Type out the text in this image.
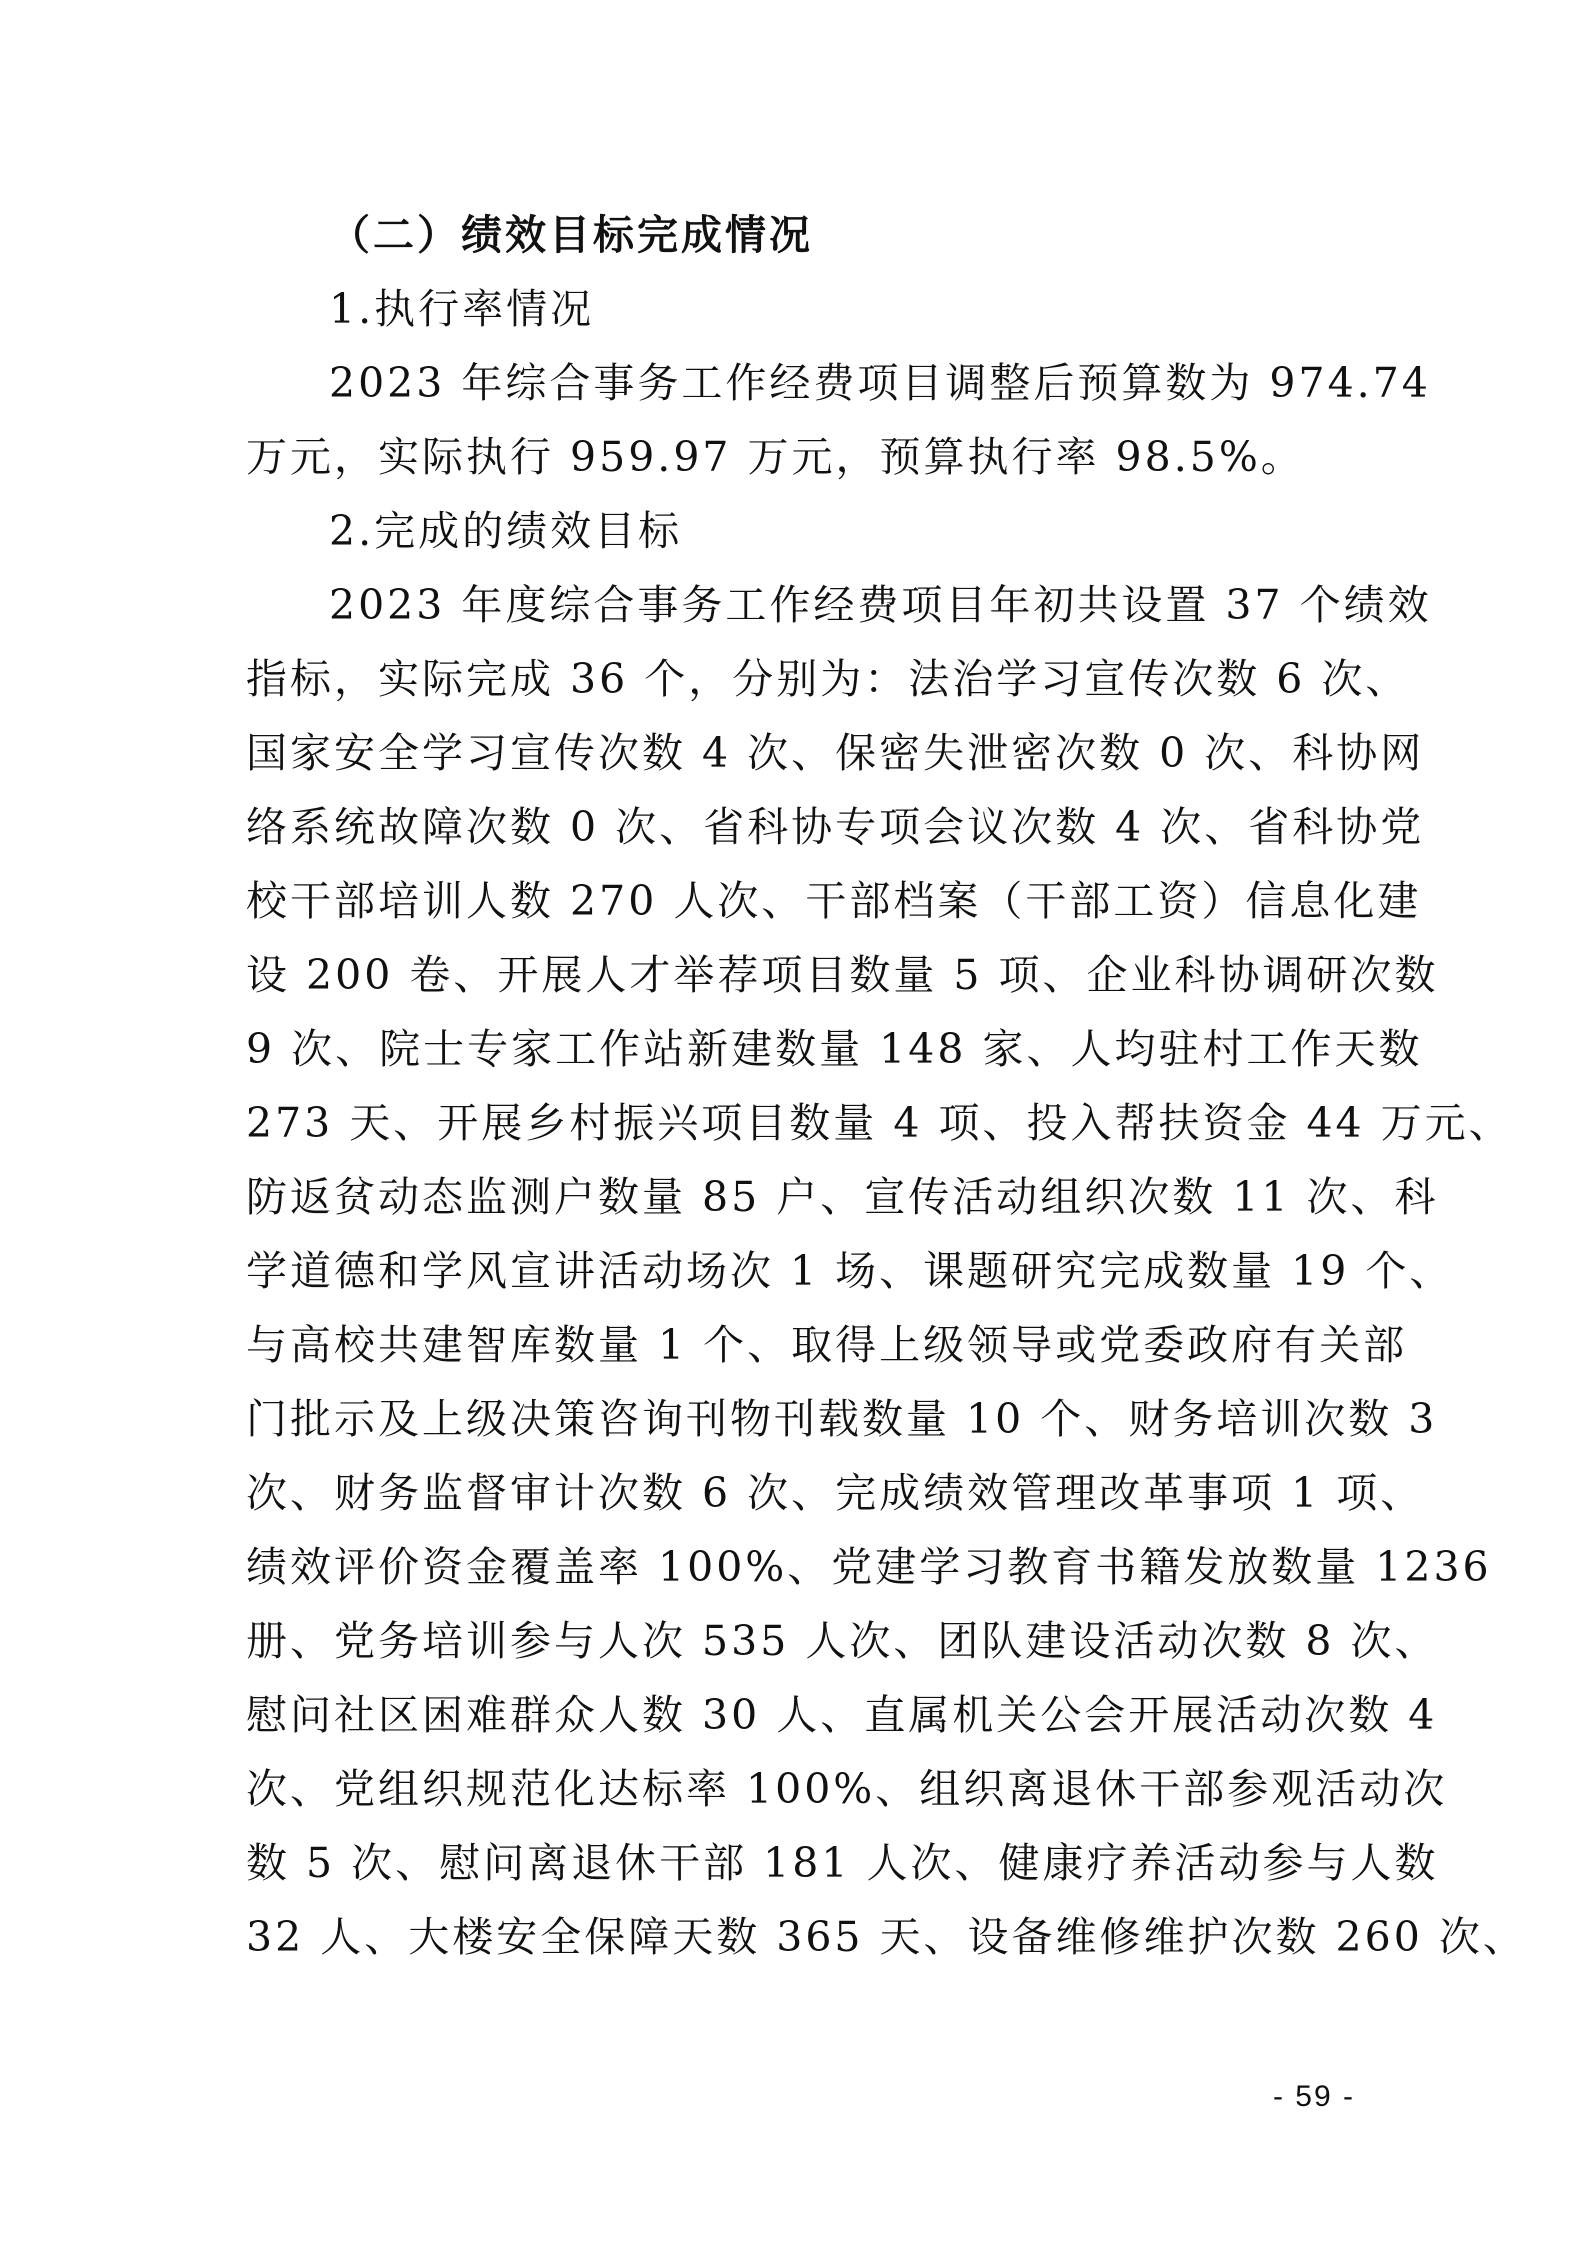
（二）绩效目标完成情况
1.执行率情况
2023 年综合事务工作经费项目调整后预算数为 974.74
万元，实际执行 959.97 万元，预算执行率 98.5%。
2.完成的绩效目标
2023 年度综合事务工作经费项目年初共设置 37 个绩效
指标，实际完成 36 个，分别为：法治学习宣传次数 6 次、
国家安全学习宣传次数 4 次、保密失泄密次数 0 次、科协网
络系统故障次数 0 次、省科协专项会议次数 4 次、省科协党
校干部培训人数 270 人次、干部档案（干部工资）信息化建
设 200 卷、开展人才举荐项目数量 5 项、企业科协调研次数
9 次、院士专家工作站新建数量 148 家、人均驻村工作天数
273 天、开展乡村振兴项目数量 4 项、投入帮扶资金 44 万元、
防返贫动态监测户数量 85 户、宣传活动组织次数 11 次、科
学道德和学风宣讲活动场次 1 场、课题研究完成数量 19 个、
与高校共建智库数量 1 个、取得上级领导或党委政府有关部
门批示及上级决策咨询刊物刊载数量 10 个、财务培训次数 3
次、财务监督审计次数 6 次、完成绩效管理改革事项 1 项、
绩效评价资金覆盖率 100%、党建学习教育书籍发放数量 1236
册、党务培训参与人次 535 人次、团队建设活动次数 8 次、
慰问社区困难群众人数 30 人、直属机关公会开展活动次数 4
次、党组织规范化达标率 100%、组织离退休干部参观活动次
数 5 次、慰问离退休干部 181 人次、健康疗养活动参与人数
32 人、大楼安全保障天数 365 天、设备维修维护次数 260 次、
- 59 -
